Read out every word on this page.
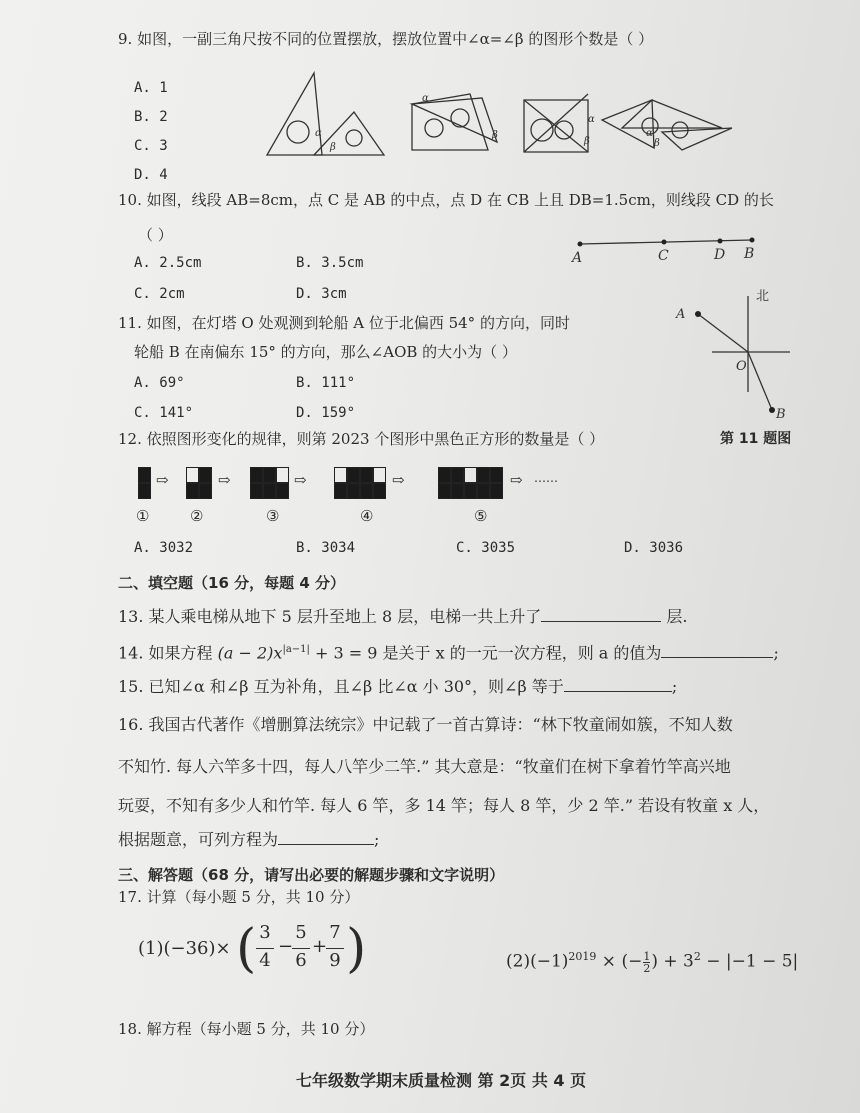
9. 如图，一副三角尺按不同的位置摆放，摆放位置中∠α=∠β 的图形个数是（ ）
A. 1
B. 2
C. 3
D. 4
α
β
α
β
α
β
α
β
10. 如图，线段 AB=8cm，点 C 是 AB 的中点，点 D 在 CB 上且 DB=1.5cm，则线段 CD 的长
（ ）
A. 2.5cm	B. 3.5cm
C. 2cm	D. 3cm
A	C	D B
11. 如图，在灯塔 O 处观测到轮船 A 位于北偏西 54° 的方向，同时
轮船 B 在南偏东 15° 的方向，那么∠AOB 的大小为（ ）
A. 69°	B. 111°
C. 141°	D. 159°
北
A
O
B
第 11 题图
12. 依照图形变化的规律，则第 2023 个图形中黑色正方形的数量是（ ）
⇨	⇨	⇨	⇨	⇨ ……
①	②	③	④	⑤
A. 3032	B. 3034	C. 3035	D. 3036
二、填空题（16 分，每题 4 分）
13. 某人乘电梯从地下 5 层升至地上 8 层，电梯一共上升了	层.
14. 如果方程 $(a - 2)x^{|a-1|} + 3 = 9$ 是关于 x 的一元一次方程，则 a 的值为	;
15. 已知∠α 和∠β 互为补角，且∠β 比∠α 小 30°，则∠β 等于	;
16. 我国古代著作《增删算法统宗》中记载了一首古算诗：“林下牧童闹如簇，不知人数
不知竹. 每人六竿多十四，每人八竿少二竿.” 其大意是：“牧童们在树下拿着竹竿高兴地
玩耍，不知有多少人和竹竿. 每人 6 竿，多 14 竿；每人 8 竿，少 2 竿.” 若设有牧童 x 人，
根据题意，可列方程为	;
三、解答题（68 分，请写出必要的解题步骤和文字说明）
17. 计算（每小题 5 分，共 10 分）
(1)(−36)× ( 3
4
−
5
6
+
7
9 )	$(2)(-1)^{2019}$ × (− $\frac{1}{2}$ ) + $3^2 - |-1 - 5|$
18. 解方程（每小题 5 分，共 10 分）
七年级数学期末质量检测 第 2页 共 4 页
